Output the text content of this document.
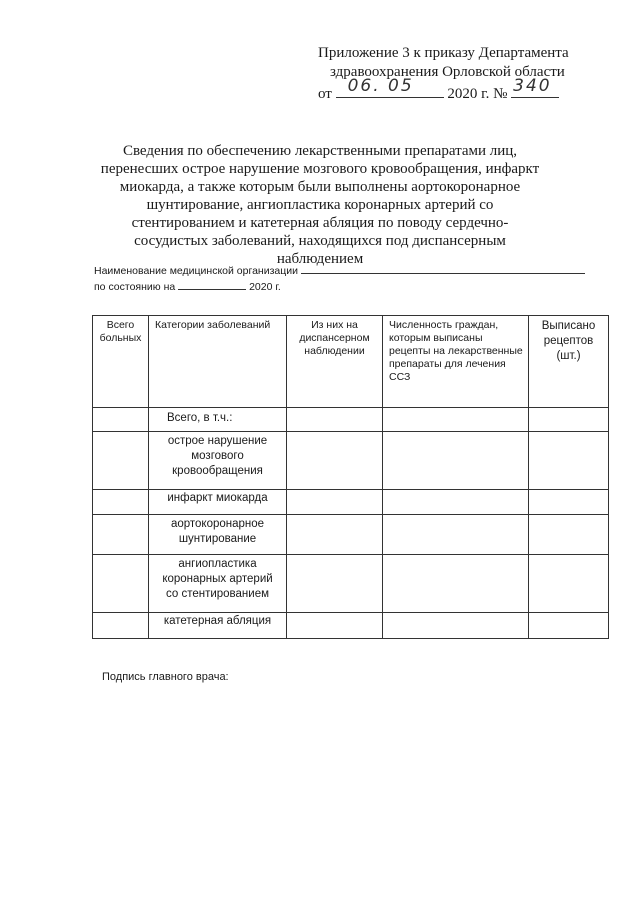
Приложение 3 к приказу Департамента
здравоохранения Орловской области
от 06. 05 2020 г. № 340
Сведения по обеспечению лекарственными препаратами лиц, перенесших острое нарушение мозгового кровообращения, инфаркт миокарда, а также которым были выполнены аортокоронарное шунтирование, ангиопластика коронарных артерий со стентированием и катетерная абляция по поводу сердечно-сосудистых заболеваний, находящихся под диспансерным наблюдением
Наименование медицинской организации
по состоянию на	2020 г.
Всего больных	Категории заболеваний	Из них на диспансерном наблюдении	Численность граждан, которым выписаны рецепты на лекарственные препараты для лечения ССЗ	Выписано рецептов (шт.)
	Всего, в т.ч.:			
	острое нарушение мозгового кровообращения			
	инфаркт миокарда			
	аортокоронарное шунтирование			
	ангиопластика коронарных артерий со стентированием			
	катетерная абляция			
Подпись главного врача:
